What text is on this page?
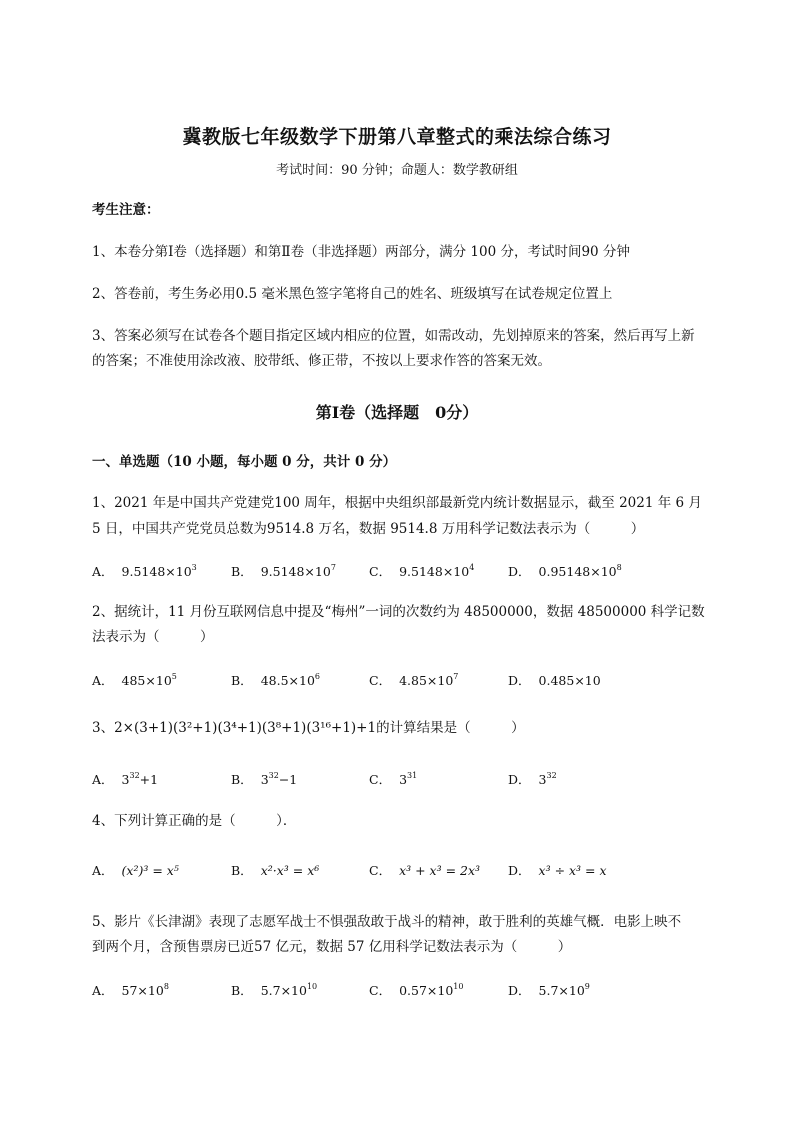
冀教版七年级数学下册第八章整式的乘法综合练习
考试时间：90 分钟；命题人：数学教研组
考生注意：
1、本卷分第Ⅰ卷（选择题）和第Ⅱ卷（非选择题）两部分，满分 100 分，考试时间90 分钟
2、答卷前，考生务必用0.5 毫米黑色签字笔将自己的姓名、班级填写在试卷规定位置上
3、答案必须写在试卷各个题目指定区域内相应的位置，如需改动，先划掉原来的答案，然后再写上新
的答案；不准使用涂改液、胶带纸、修正带，不按以上要求作答的答案无效。
第Ⅰ卷（选择题　0分）
一、单选题（10 小题，每小题 0 分，共计 0 分）
1、2021 年是中国共产党建党100 周年，根据中央组织部最新党内统计数据显示，截至 2021 年 6 月
5 日，中国共产党党员总数为9514.8 万名，数据 9514.8 万用科学记数法表示为（　　　）
A． $9.5148\times 10^3$	B． $9.5148\times 10^7$	C． $9.5148\times 10^4$	D． $0.95148\times 10^8$
2、据统计，11 月份互联网信息中提及“梅州”一词的次数约为 48500000，数据 48500000 科学记数
法表示为（　　　）
A． $485\times 10^5$	B． $48.5\times 10^6$	C． $4.85\times 10^7$	D． 0.485×10
3、2×(3+1)(3²+1)(3⁴+1)(3⁸+1)(3¹⁶+1)+1的计算结果是（　　　）
A． $3^{32}+1$	B． $3^{32}-1$	C． $3^{31}$	D． $3^{32}$
4、下列计算正确的是（　　　）．
A． (x²)³ = x⁵	B． x²·x³ = x⁶	C． x³ + x³ = 2x³ D． x³ ÷ x³ = x
5、影片《长津湖》表现了志愿军战士不惧强敌敢于战斗的精神，敢于胜利的英雄气概．电影上映不
到两个月，含预售票房已近57 亿元，数据 57 亿用科学记数法表示为（　　　）
A． $57\times 10^8$	B． $5.7\times 10^{10}$	C． $0.57\times 10^{10}$	D． $5.7\times 10^9$
